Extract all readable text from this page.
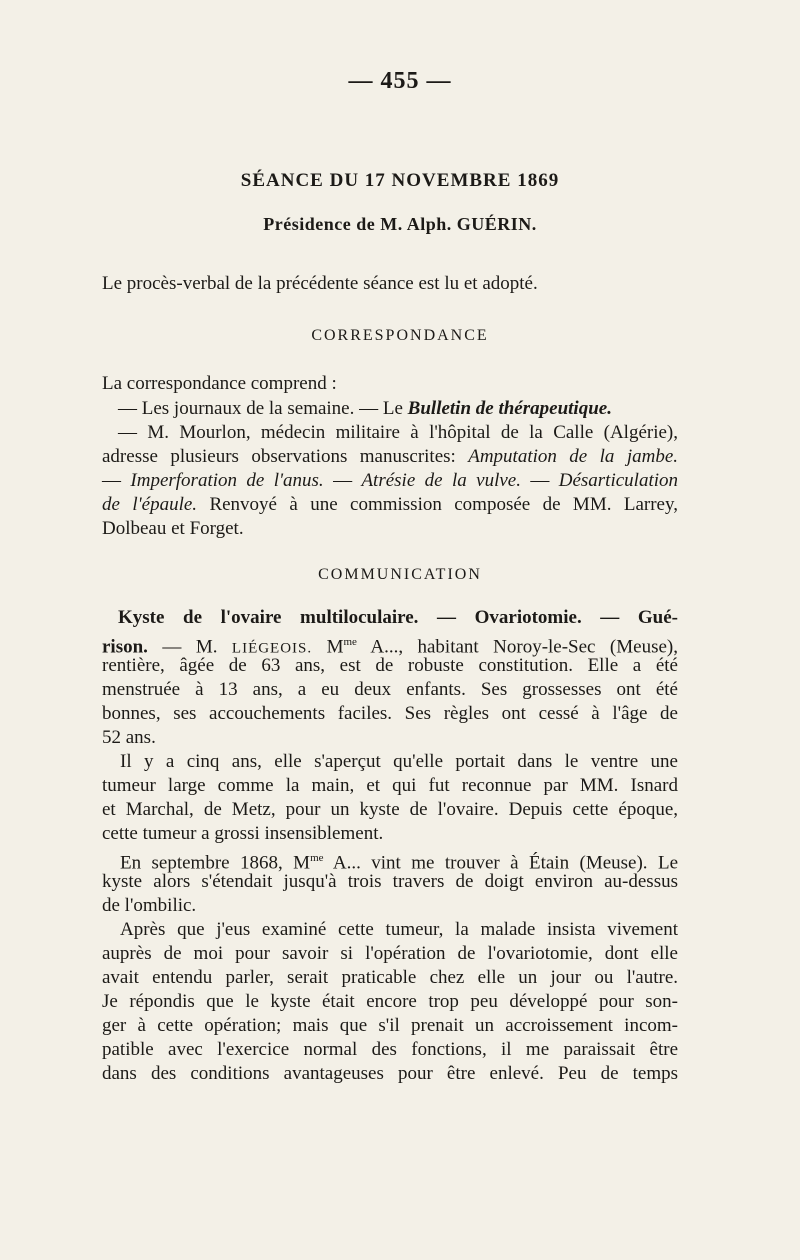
— 455 —
SÉANCE DU 17 NOVEMBRE 1869
Présidence de M. Alph. GUÉRIN.
Le procès-verbal de la précédente séance est lu et adopté.
CORRESPONDANCE
La correspondance comprend :
— Les journaux de la semaine. — Le Bulletin de thérapeutique.
— M. Mourlon, médecin militaire à l'hôpital de la Calle (Algérie),
adresse plusieurs observations manuscrites: Amputation de la jambe.
— Imperforation de l'anus. — Atrésie de la vulve. — Désarticulation
de l'épaule. Renvoyé à une commission composée de MM. Larrey,
Dolbeau et Forget.
COMMUNICATION
Kyste de l'ovaire multiloculaire. — Ovariotomie. — Gué-
rison. — M. LIÉGEOIS. $M^{me}$ A..., habitant Noroy-le-Sec (Meuse),
rentière, âgée de 63 ans, est de robuste constitution. Elle a été
menstruée à 13 ans, a eu deux enfants. Ses grossesses ont été
bonnes, ses accouchements faciles. Ses règles ont cessé à l'âge de
52 ans.
Il y a cinq ans, elle s'aperçut qu'elle portait dans le ventre une
tumeur large comme la main, et qui fut reconnue par MM. Isnard
et Marchal, de Metz, pour un kyste de l'ovaire. Depuis cette époque,
cette tumeur a grossi insensiblement.
En septembre 1868, $M^{me}$ A... vint me trouver à Étain (Meuse). Le
kyste alors s'étendait jusqu'à trois travers de doigt environ au-dessus
de l'ombilic.
Après que j'eus examiné cette tumeur, la malade insista vivement
auprès de moi pour savoir si l'opération de l'ovariotomie, dont elle
avait entendu parler, serait praticable chez elle un jour ou l'autre.
Je répondis que le kyste était encore trop peu développé pour son-
ger à cette opération; mais que s'il prenait un accroissement incom-
patible avec l'exercice normal des fonctions, il me paraissait être
dans des conditions avantageuses pour être enlevé. Peu de temps
